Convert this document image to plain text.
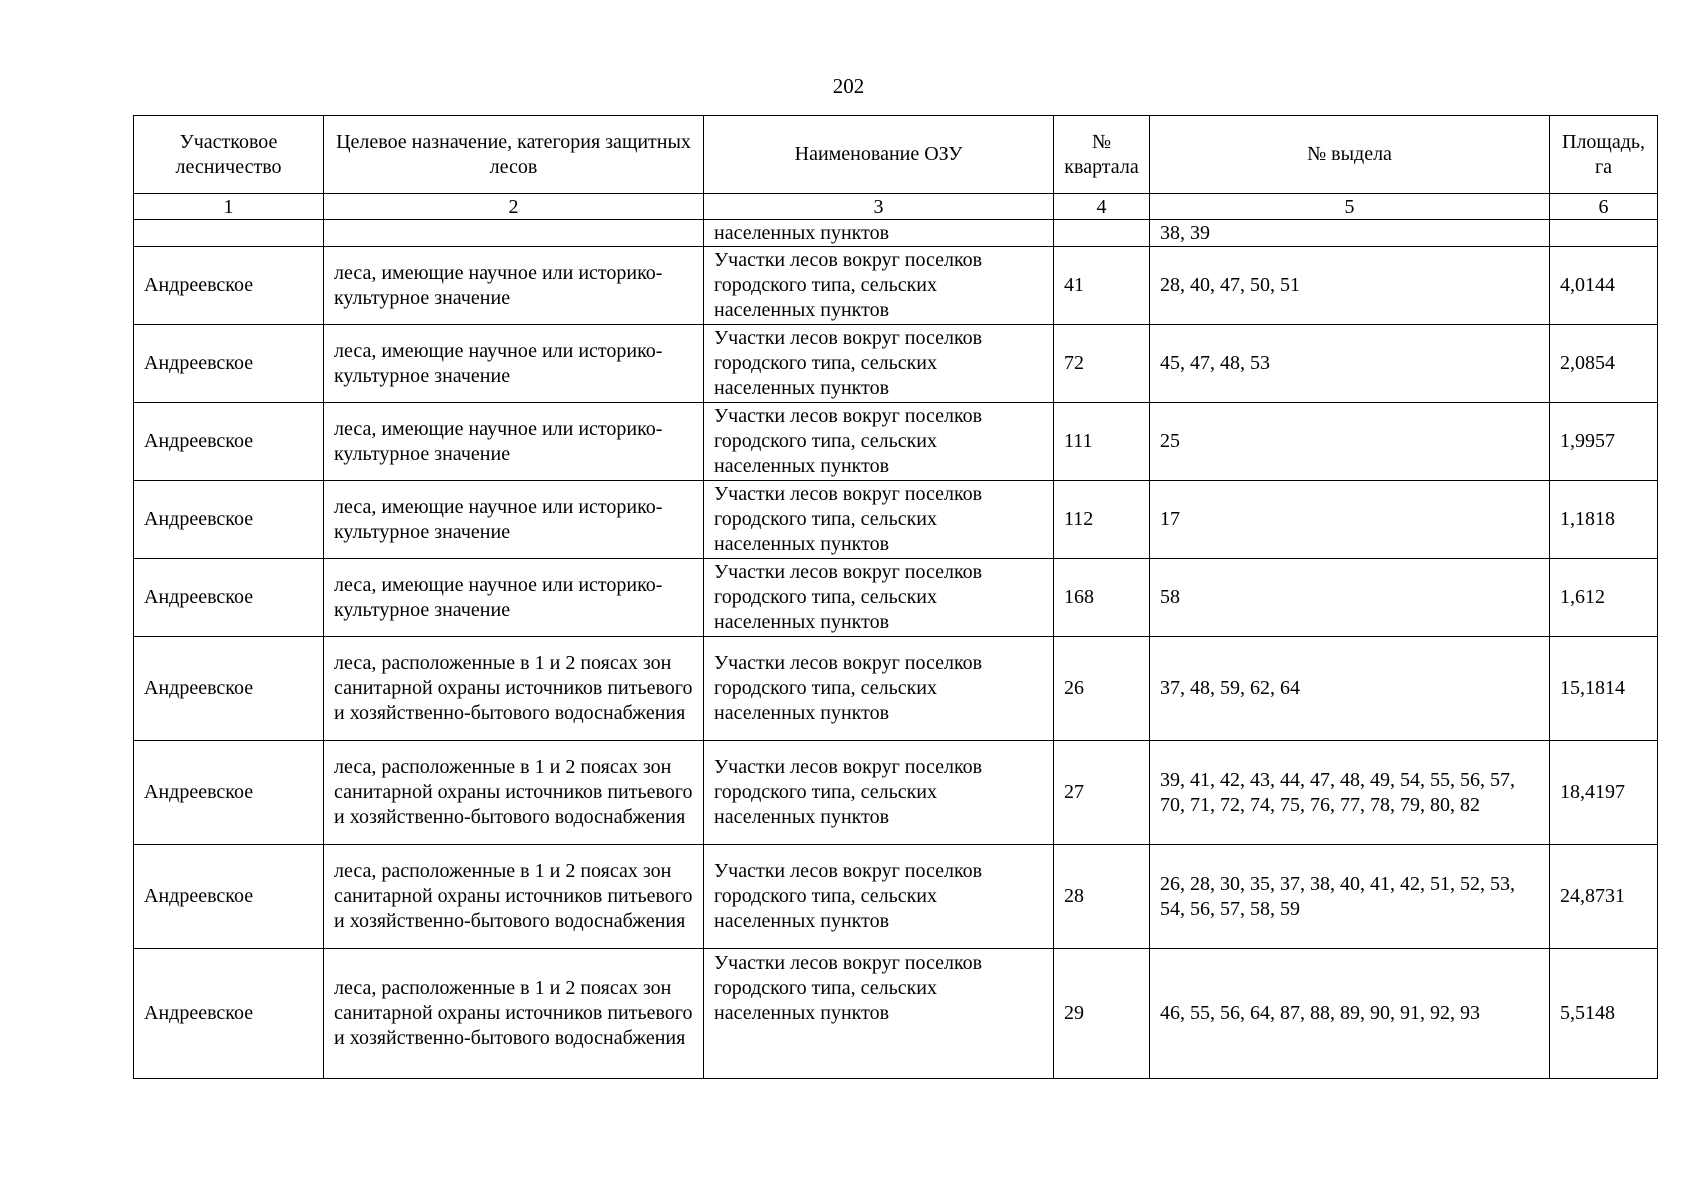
202
Участковое лесничество	Целевое назначение, категория защитных лесов	Наименование ОЗУ	№ квартала	№ выдела	Площадь, га
1	2	3	4	5	6
		населенных пунктов		38, 39	
Андреевское	леса, имеющие научное или историко-культурное значение	Участки лесов вокруг поселков городского типа, сельских населенных пунктов	41	28, 40, 47, 50, 51	4,0144
Андреевское	леса, имеющие научное или историко-культурное значение	Участки лесов вокруг поселков городского типа, сельских населенных пунктов	72	45, 47, 48, 53	2,0854
Андреевское	леса, имеющие научное или историко-культурное значение	Участки лесов вокруг поселков городского типа, сельских населенных пунктов	111	25	1,9957
Андреевское	леса, имеющие научное или историко-культурное значение	Участки лесов вокруг поселков городского типа, сельских населенных пунктов	112	17	1,1818
Андреевское	леса, имеющие научное или историко-культурное значение	Участки лесов вокруг поселков городского типа, сельских населенных пунктов	168	58	1,612
Андреевское	леса, расположенные в 1 и 2 поясах зон санитарной охраны источников питьевого и хозяйственно-бытового водоснабжения	Участки лесов вокруг поселков городского типа, сельских населенных пунктов	26	37, 48, 59, 62, 64	15,1814
Андреевское	леса, расположенные в 1 и 2 поясах зон санитарной охраны источников питьевого и хозяйственно-бытового водоснабжения	Участки лесов вокруг поселков городского типа, сельских населенных пунктов	27	39, 41, 42, 43, 44, 47, 48, 49, 54, 55, 56, 57, 70, 71, 72, 74, 75, 76, 77, 78, 79, 80, 82	18,4197
Андреевское	леса, расположенные в 1 и 2 поясах зон санитарной охраны источников питьевого и хозяйственно-бытового водоснабжения	Участки лесов вокруг поселков городского типа, сельских населенных пунктов	28	26, 28, 30, 35, 37, 38, 40, 41, 42, 51, 52, 53, 54, 56, 57, 58, 59	24,8731
Андреевское	леса, расположенные в 1 и 2 поясах зон санитарной охраны источников питьевого и хозяйственно-бытового водоснабжения	Участки лесов вокруг поселков городского типа, сельских населенных пунктов	29	46, 55, 56, 64, 87, 88, 89, 90, 91, 92, 93	5,5148
